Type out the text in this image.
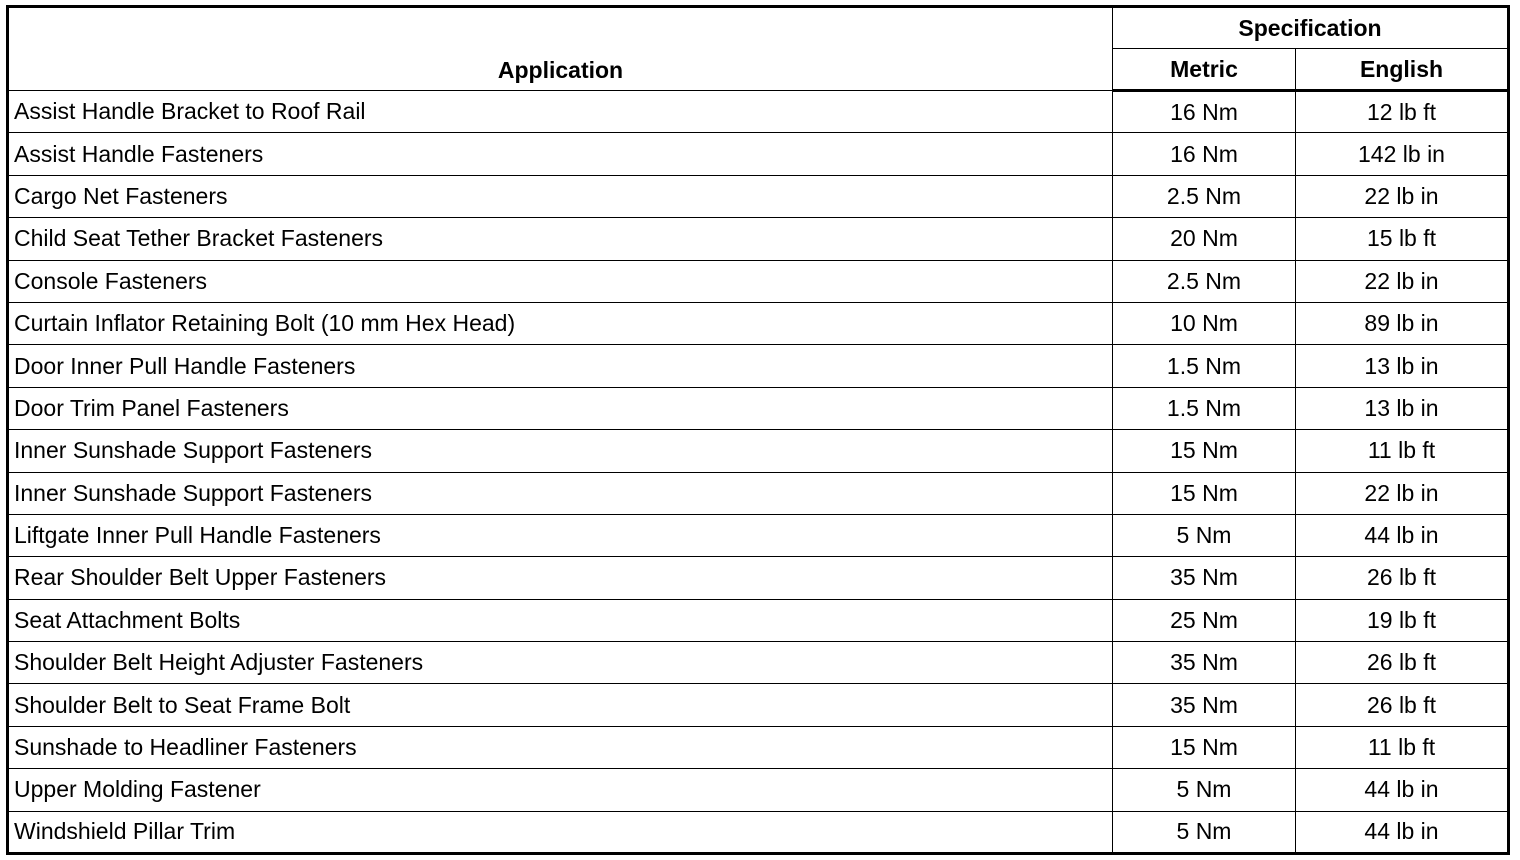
Application	Specification	
	Metric	English
Assist Handle Bracket to Roof Rail	16 Nm	12 lb ft
Assist Handle Fasteners	16 Nm	142 lb in
Cargo Net Fasteners	2.5 Nm	22 lb in
Child Seat Tether Bracket Fasteners	20 Nm	15 lb ft
Console Fasteners	2.5 Nm	22 lb in
Curtain Inflator Retaining Bolt (10 mm Hex Head)	10 Nm	89 lb in
Door Inner Pull Handle Fasteners	1.5 Nm	13 lb in
Door Trim Panel Fasteners	1.5 Nm	13 lb in
Inner Sunshade Support Fasteners	15 Nm	11 lb ft
Inner Sunshade Support Fasteners	15 Nm	22 lb in
Liftgate Inner Pull Handle Fasteners	5 Nm	44 lb in
Rear Shoulder Belt Upper Fasteners	35 Nm	26 lb ft
Seat Attachment Bolts	25 Nm	19 lb ft
Shoulder Belt Height Adjuster Fasteners	35 Nm	26 lb ft
Shoulder Belt to Seat Frame Bolt	35 Nm	26 lb ft
Sunshade to Headliner Fasteners	15 Nm	11 lb ft
Upper Molding Fastener	5 Nm	44 lb in
Windshield Pillar Trim	5 Nm	44 lb in
